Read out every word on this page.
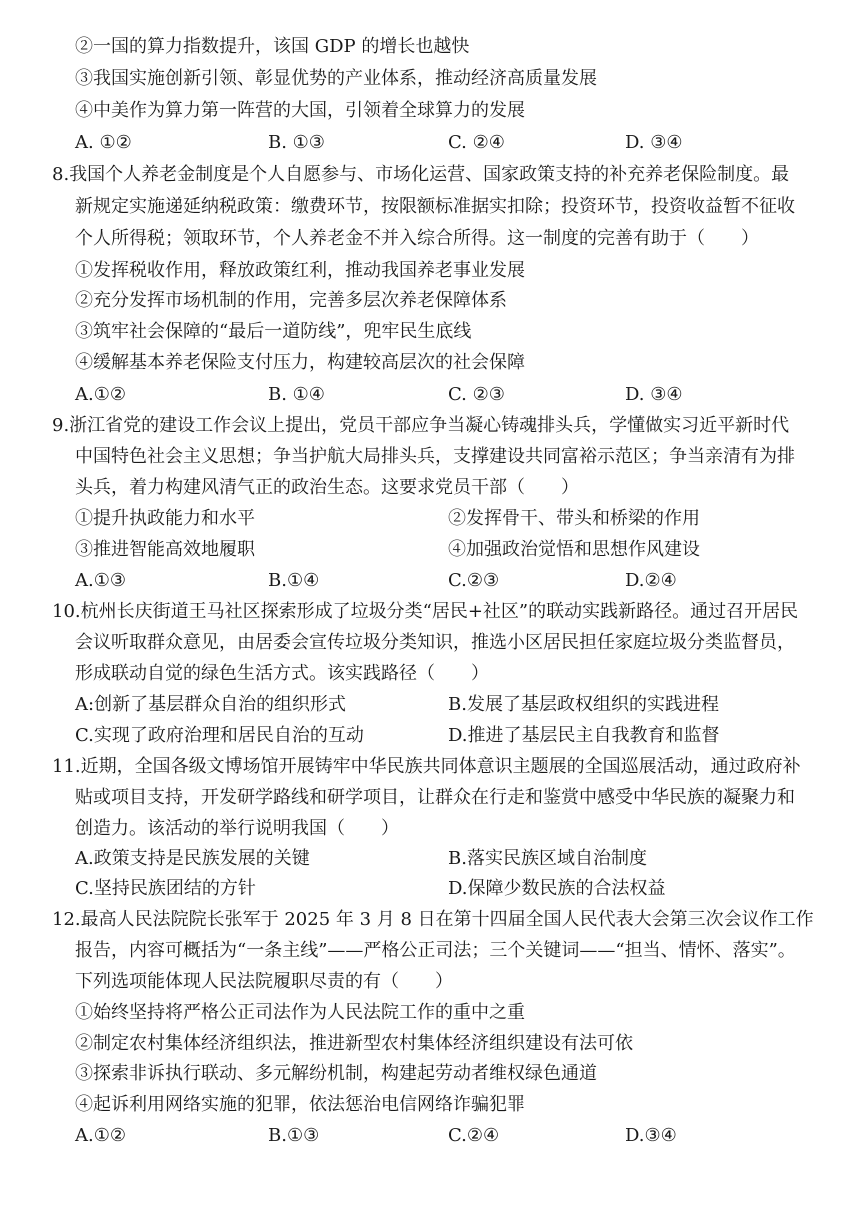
②一国的算力指数提升，该国 GDP 的增长也越快
③我国实施创新引领、彰显优势的产业体系，推动经济高质量发展
④中美作为算力第一阵营的大国，引领着全球算力的发展
A. ①②	B. ①③	C. ②④	D. ③④
8.我国个人养老金制度是个人自愿参与、市场化运营、国家政策支持的补充养老保险制度。最
新规定实施递延纳税政策：缴费环节，按限额标准据实扣除；投资环节，投资收益暂不征收
个人所得税；领取环节，个人养老金不并入综合所得。这一制度的完善有助于（　　）
①发挥税收作用，释放政策红利，推动我国养老事业发展
②充分发挥市场机制的作用，完善多层次养老保障体系
③筑牢社会保障的“最后一道防线”，兜牢民生底线
④缓解基本养老保险支付压力，构建较高层次的社会保障
A.①②	B. ①④	C. ②③	D. ③④
9.浙江省党的建设工作会议上提出，党员干部应争当凝心铸魂排头兵，学懂做实习近平新时代
中国特色社会主义思想；争当护航大局排头兵，支撑建设共同富裕示范区；争当亲清有为排
头兵，着力构建风清气正的政治生态。这要求党员干部（　　）
①提升执政能力和水平	②发挥骨干、带头和桥梁的作用
③推进智能高效地履职	④加强政治觉悟和思想作风建设
A.①③	B.①④	C.②③	D.②④
10.杭州长庆街道王马社区探索形成了垃圾分类“居民+社区”的联动实践新路径。通过召开居民
会议听取群众意见，由居委会宣传垃圾分类知识，推选小区居民担任家庭垃圾分类监督员，
形成联动自觉的绿色生活方式。该实践路径（　　）
A:创新了基层群众自治的组织形式	B.发展了基层政权组织的实践进程
C.实现了政府治理和居民自治的互动	D.推进了基层民主自我教育和监督
11.近期，全国各级文博场馆开展铸牢中华民族共同体意识主题展的全国巡展活动，通过政府补
贴或项目支持，开发研学路线和研学项目，让群众在行走和鉴赏中感受中华民族的凝聚力和
创造力。该活动的举行说明我国（　　）
A.政策支持是民族发展的关键	B.落实民族区域自治制度
C.坚持民族团结的方针	D.保障少数民族的合法权益
12.最高人民法院院长张军于 2025 年 3 月 8 日在第十四届全国人民代表大会第三次会议作工作
报告，内容可概括为“一条主线”——严格公正司法；三个关键词——“担当、情怀、落实”。
下列选项能体现人民法院履职尽责的有（　　）
①始终坚持将严格公正司法作为人民法院工作的重中之重
②制定农村集体经济组织法，推进新型农村集体经济组织建设有法可依
③探索非诉执行联动、多元解纷机制，构建起劳动者维权绿色通道
④起诉利用网络实施的犯罪，依法惩治电信网络诈骗犯罪
A.①②	B.①③	C.②④	D.③④
